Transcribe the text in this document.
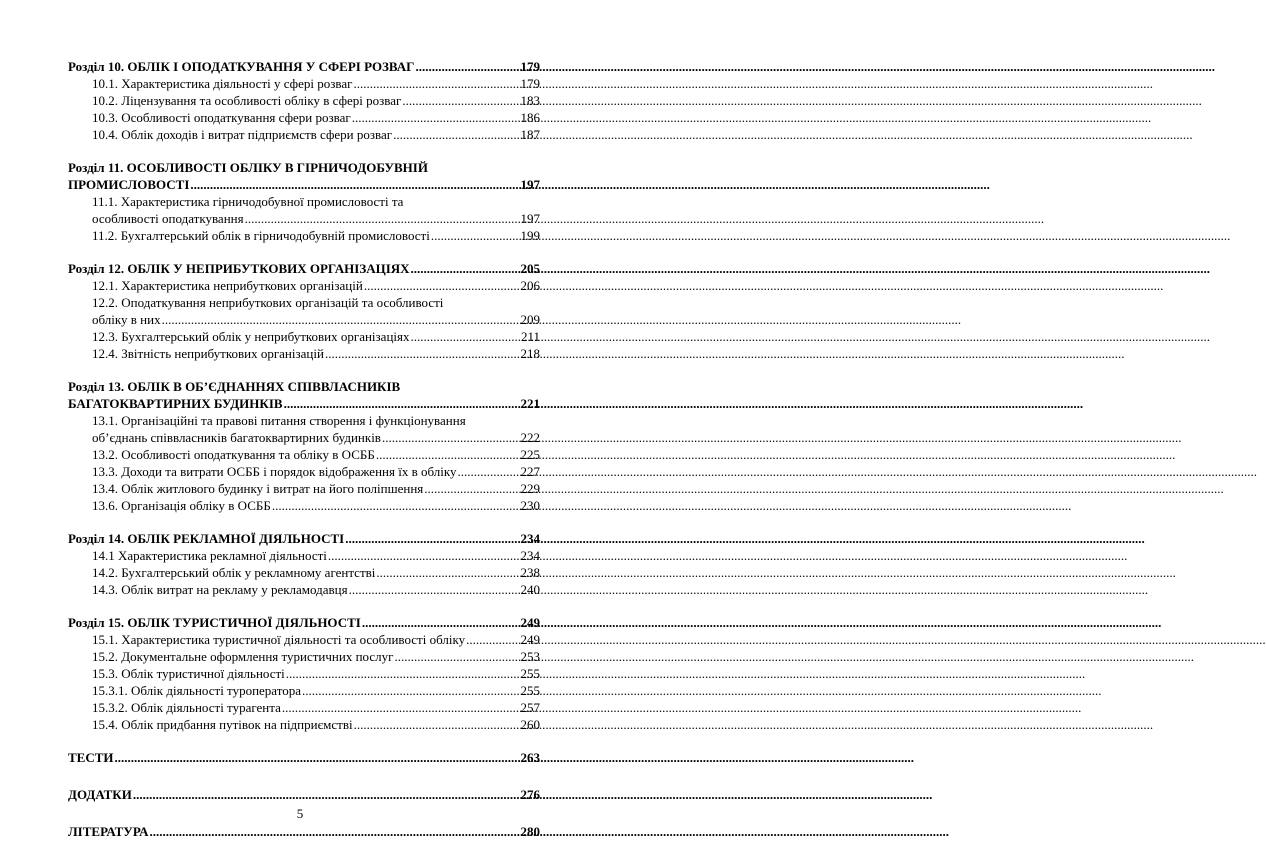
Розділ 10. ОБЛІК І ОПОДАТКУВАННЯ У СФЕРІ РОЗВАГ .....	179
10.1. Характеристика діяльності у сфері розваг .....	179
10.2. Ліцензування та особливості обліку в сфері розваг .....	183
10.3. Особливості оподаткування сфери розваг .....	186
10.4. Облік доходів і витрат підприємств сфери розваг .....	187
Розділ 11. ОСОБЛИВОСТІ ОБЛІКУ В ГІРНИЧОДОБУВНІЙ
ПРОМИСЛОВОСТІ .....	197
11.1. Характеристика гірничодобувної промисловості та
особливості оподаткування .....	197
11.2. Бухгалтерський облік в гірничодобувній промисловості .....	199
Розділ 12. ОБЛІК У НЕПРИБУТКОВИХ ОРГАНІЗАЦІЯХ .....	205
12.1. Характеристика неприбуткових організацій .....	206
12.2. Оподаткування неприбуткових організацій та особливості
обліку в них .....	209
12.3. Бухгалтерський облік у неприбуткових організаціях .....	211
12.4. Звітність неприбуткових організацій .....	218
Розділ 13. ОБЛІК В ОБ’ЄДНАННЯХ СПІВВЛАСНИКІВ
БАГАТОКВАРТИРНИХ БУДИНКІВ .....	221
13.1. Організаційні та правові питання створення і функціонування
об’єднань співвласників багатоквартирних будинків .....	222
13.2. Особливості оподаткування та обліку в ОСББ .....	225
13.3. Доходи та витрати ОСББ і порядок відображення їх в обліку .....	227
13.4. Облік житлового будинку і витрат на його поліпшення .....	229
13.6. Організація обліку в ОСББ .....	230
Розділ 14. ОБЛІК РЕКЛАМНОЇ ДІЯЛЬНОСТІ .....	234
14.1 Характеристика рекламної діяльності .....	234
14.2. Бухгалтерський облік у рекламному агентстві .....	238
14.3. Облік витрат на рекламу у рекламодавця .....	240
Розділ 15. ОБЛІК ТУРИСТИЧНОЇ ДІЯЛЬНОСТІ .....	249
15.1. Характеристика туристичної діяльності та особливості обліку .....	249
15.2. Документальне оформлення туристичних послуг .....	253
15.3. Облік туристичної діяльності .....	255
15.3.1. Облік діяльності туроператора .....	255
15.3.2. Облік діяльності турагента .....	257
15.4. Облік придбання путівок на підприємстві .....	260
ТЕСТИ .....	263
ДОДАТКИ .....	276
ЛІТЕРАТУРА .....	280
5
